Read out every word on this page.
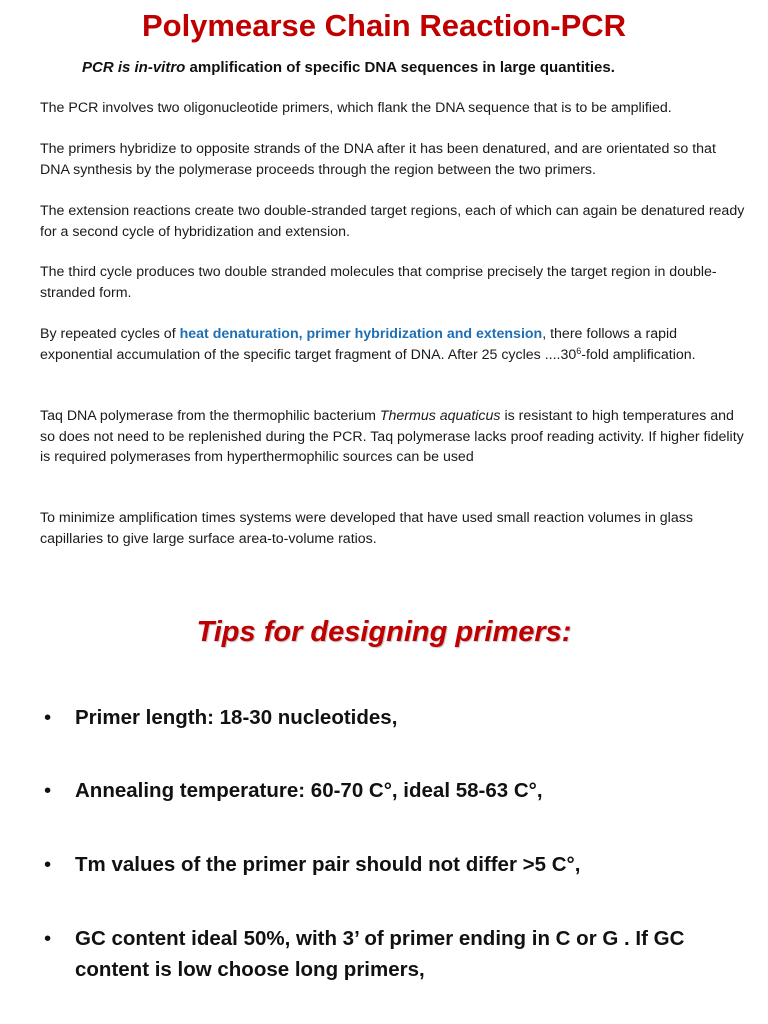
Polymearse Chain Reaction-PCR
PCR is in-vitro amplification of specific DNA sequences in large quantities.

The PCR involves two oligonucleotide primers, which flank the DNA sequence that is to be amplified.

The primers hybridize to opposite strands of the DNA after it has been denatured, and are orientated so that DNA synthesis by the polymerase proceeds through the region between the two primers.

The extension reactions create two double-stranded target regions, each of which can again be denatured ready for a second cycle of hybridization and extension.

The third cycle produces two double stranded molecules that comprise precisely the target region in double-stranded form.

By repeated cycles of heat denaturation, primer hybridization and extension, there follows a rapid exponential accumulation of the specific target fragment of DNA. After 25 cycles ....30$^6$-fold amplification.

Taq DNA polymerase from the thermophilic bacterium Thermus aquaticus is resistant to high temperatures and so does not need to be replenished during the PCR. Taq polymerase lacks proof reading activity. If higher fidelity is required polymerases from hyperthermophilic sources can be used

To minimize amplification times systems were developed that have used small reaction volumes in glass capillaries to give large surface area-to-volume ratios.

Tips for designing primers:
•	Primer length: 18-30 nucleotides,
•	Annealing temperature: 60-70 C°, ideal 58-63 C°,
•	Tm values of the primer pair should not differ >5 C°,
•	GC content ideal 50%, with 3’ of primer ending in C or G . If GC content is low choose long primers,
